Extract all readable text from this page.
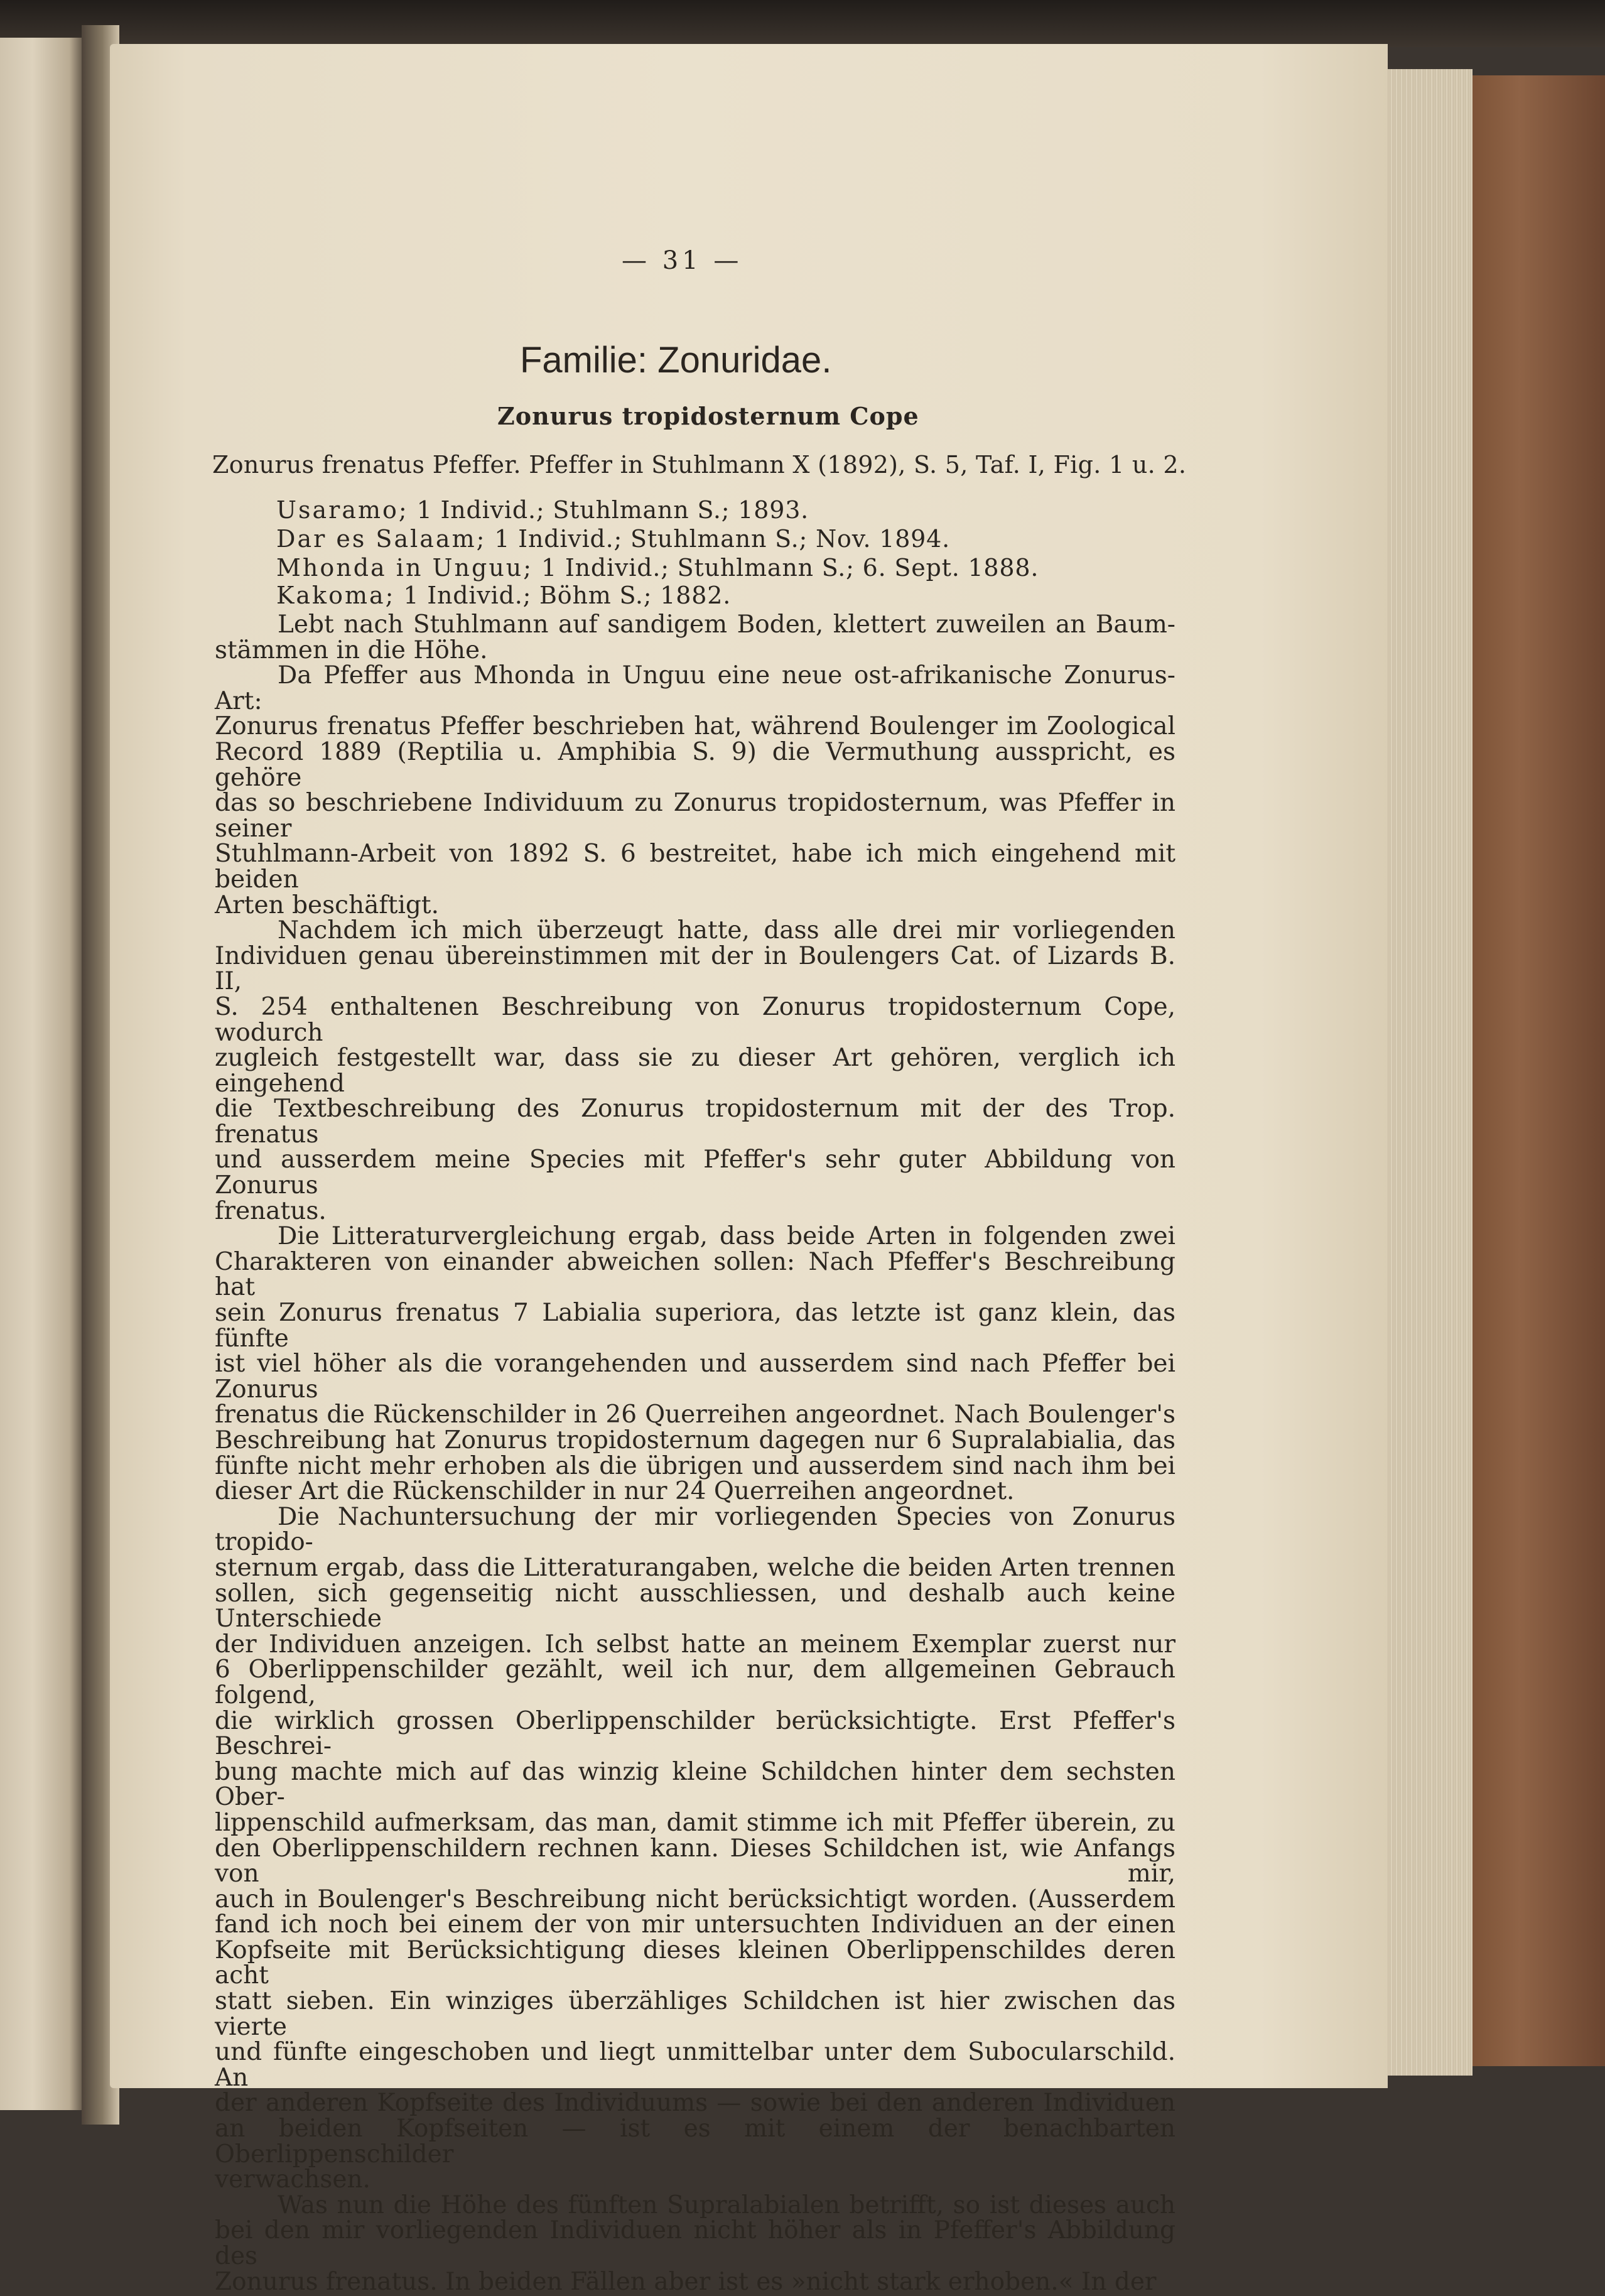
— 31 —
Familie: Zonuridae.
Zonurus tropidosternum Cope
Zonurus frenatus Pfeffer. Pfeffer in Stuhlmann X (1892), S. 5, Taf. I, Fig. 1 u. 2.
Usaramo; 1 Individ.; Stuhlmann S.; 1893.
Dar es Salaam; 1 Individ.; Stuhlmann S.; Nov. 1894.
Mhonda in Unguu; 1 Individ.; Stuhlmann S.; 6. Sept. 1888.
Kakoma; 1 Individ.; Böhm S.; 1882.

Lebt nach Stuhlmann auf sandigem Boden, klettert zuweilen an Baum-
stämmen in die Höhe.

Da Pfeffer aus Mhonda in Unguu eine neue ost-afrikanische Zonurus-Art:
Zonurus frenatus Pfeffer beschrieben hat, während Boulenger im Zoological
Record 1889 (Reptilia u. Amphibia S. 9) die Vermuthung ausspricht, es gehöre
das so beschriebene Individuum zu Zonurus tropidosternum, was Pfeffer in seiner
Stuhlmann-Arbeit von 1892 S. 6 bestreitet, habe ich mich eingehend mit beiden
Arten beschäftigt.

Nachdem ich mich überzeugt hatte, dass alle drei mir vorliegenden
Individuen genau übereinstimmen mit der in Boulengers Cat. of Lizards B. II,
S. 254 enthaltenen Beschreibung von Zonurus tropidosternum Cope, wodurch
zugleich festgestellt war, dass sie zu dieser Art gehören, verglich ich eingehend
die Textbeschreibung des Zonurus tropidosternum mit der des Trop. frenatus
und ausserdem meine Species mit Pfeffer's sehr guter Abbildung von Zonurus
frenatus.

Die Litteraturvergleichung ergab, dass beide Arten in folgenden zwei
Charakteren von einander abweichen sollen: Nach Pfeffer's Beschreibung hat
sein Zonurus frenatus 7 Labialia superiora, das letzte ist ganz klein, das fünfte
ist viel höher als die vorangehenden und ausserdem sind nach Pfeffer bei Zonurus
frenatus die Rückenschilder in 26 Querreihen angeordnet. Nach Boulenger's
Beschreibung hat Zonurus tropidosternum dagegen nur 6 Supralabialia, das
fünfte nicht mehr erhoben als die übrigen und ausserdem sind nach ihm bei
dieser Art die Rückenschilder in nur 24 Querreihen angeordnet.

Die Nachuntersuchung der mir vorliegenden Species von Zonurus tropido-
sternum ergab, dass die Litteraturangaben, welche die beiden Arten trennen
sollen, sich gegenseitig nicht ausschliessen, und deshalb auch keine Unterschiede
der Individuen anzeigen. Ich selbst hatte an meinem Exemplar zuerst nur
6 Oberlippenschilder gezählt, weil ich nur, dem allgemeinen Gebrauch folgend,
die wirklich grossen Oberlippenschilder berücksichtigte. Erst Pfeffer's Beschrei-
bung machte mich auf das winzig kleine Schildchen hinter dem sechsten Ober-
lippenschild aufmerksam, das man, damit stimme ich mit Pfeffer überein, zu
den Oberlippenschildern rechnen kann. Dieses Schildchen ist, wie Anfangs von mir,
auch in Boulenger's Beschreibung nicht berücksichtigt worden. (Ausserdem
fand ich noch bei einem der von mir untersuchten Individuen an der einen
Kopfseite mit Berücksichtigung dieses kleinen Oberlippenschildes deren acht
statt sieben. Ein winziges überzähliges Schildchen ist hier zwischen das vierte
und fünfte eingeschoben und liegt unmittelbar unter dem Subocularschild. An
der anderen Kopfseite des Individuums — sowie bei den anderen Individuen
an beiden Kopfseiten — ist es mit einem der benachbarten Oberlippenschilder
verwachsen.

Was nun die Höhe des fünften Supralabialen betrifft, so ist dieses auch
bei den mir vorliegenden Individuen nicht höher als in Pfeffer's Abbildung des
Zonurus frenatus. In beiden Fällen aber ist es »nicht stark erhoben.« In der
